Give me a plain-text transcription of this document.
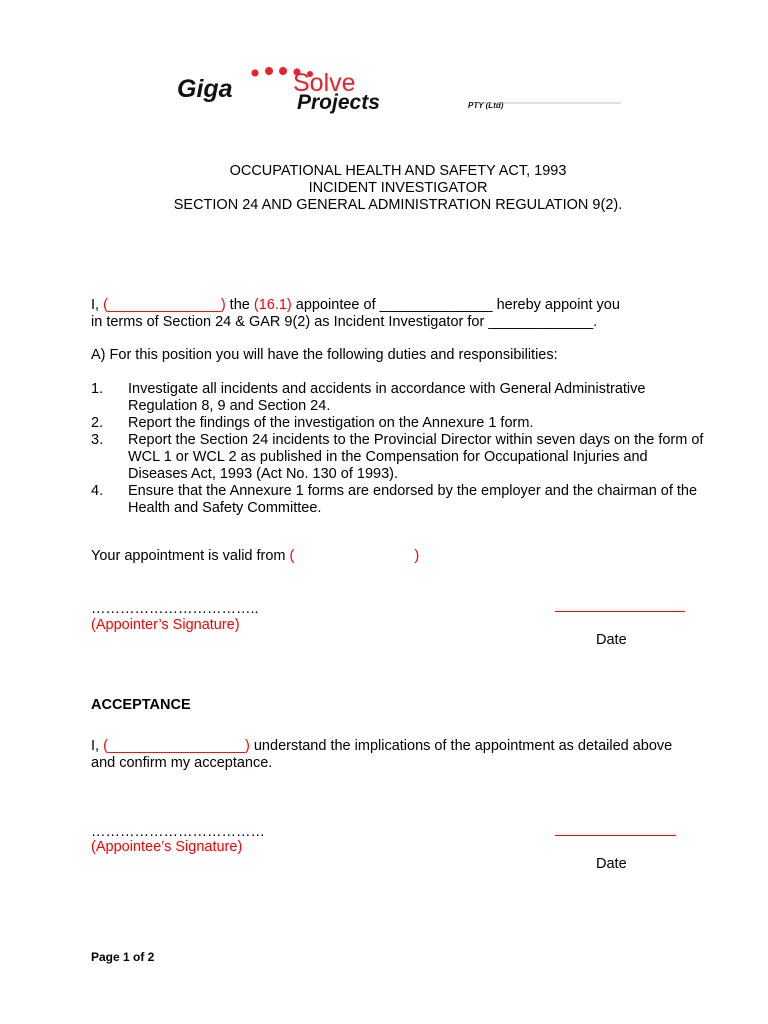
Giga Solve
Projects	PTY (Ltd)
OCCUPATIONAL HEALTH AND SAFETY ACT, 1993
INCIDENT INVESTIGATOR
SECTION 24 AND GENERAL ADMINISTRATION REGULATION 9(2).
I, (______________) the (16.1) appointee of ______________ hereby appoint you
in terms of Section 24 & GAR 9(2) as Incident Investigator for _____________.
A) For this position you will have the following duties and responsibilities:
1. Investigate all incidents and accidents in accordance with General Administrative Regulation 8, 9 and Section 24.
2. Report the findings of the investigation on the Annexure 1 form.
3. Report the Section 24 incidents to the Provincial Director within seven days on the form of WCL 1 or WCL 2 as published in the Compensation for Occupational Injuries and Diseases Act, 1993 (Act No. 130 of 1993).
4. Ensure that the Annexure 1 forms are endorsed by the employer and the chairman of the Health and Safety Committee.
Your appointment is valid from (	)
……………………………..
(Appointer’s Signature)
Date
ACCEPTANCE
I, (_________________) understand the implications of the appointment as detailed above and confirm my acceptance.
………………………………
(Appointee’s Signature)
Date
Page 1 of 2
